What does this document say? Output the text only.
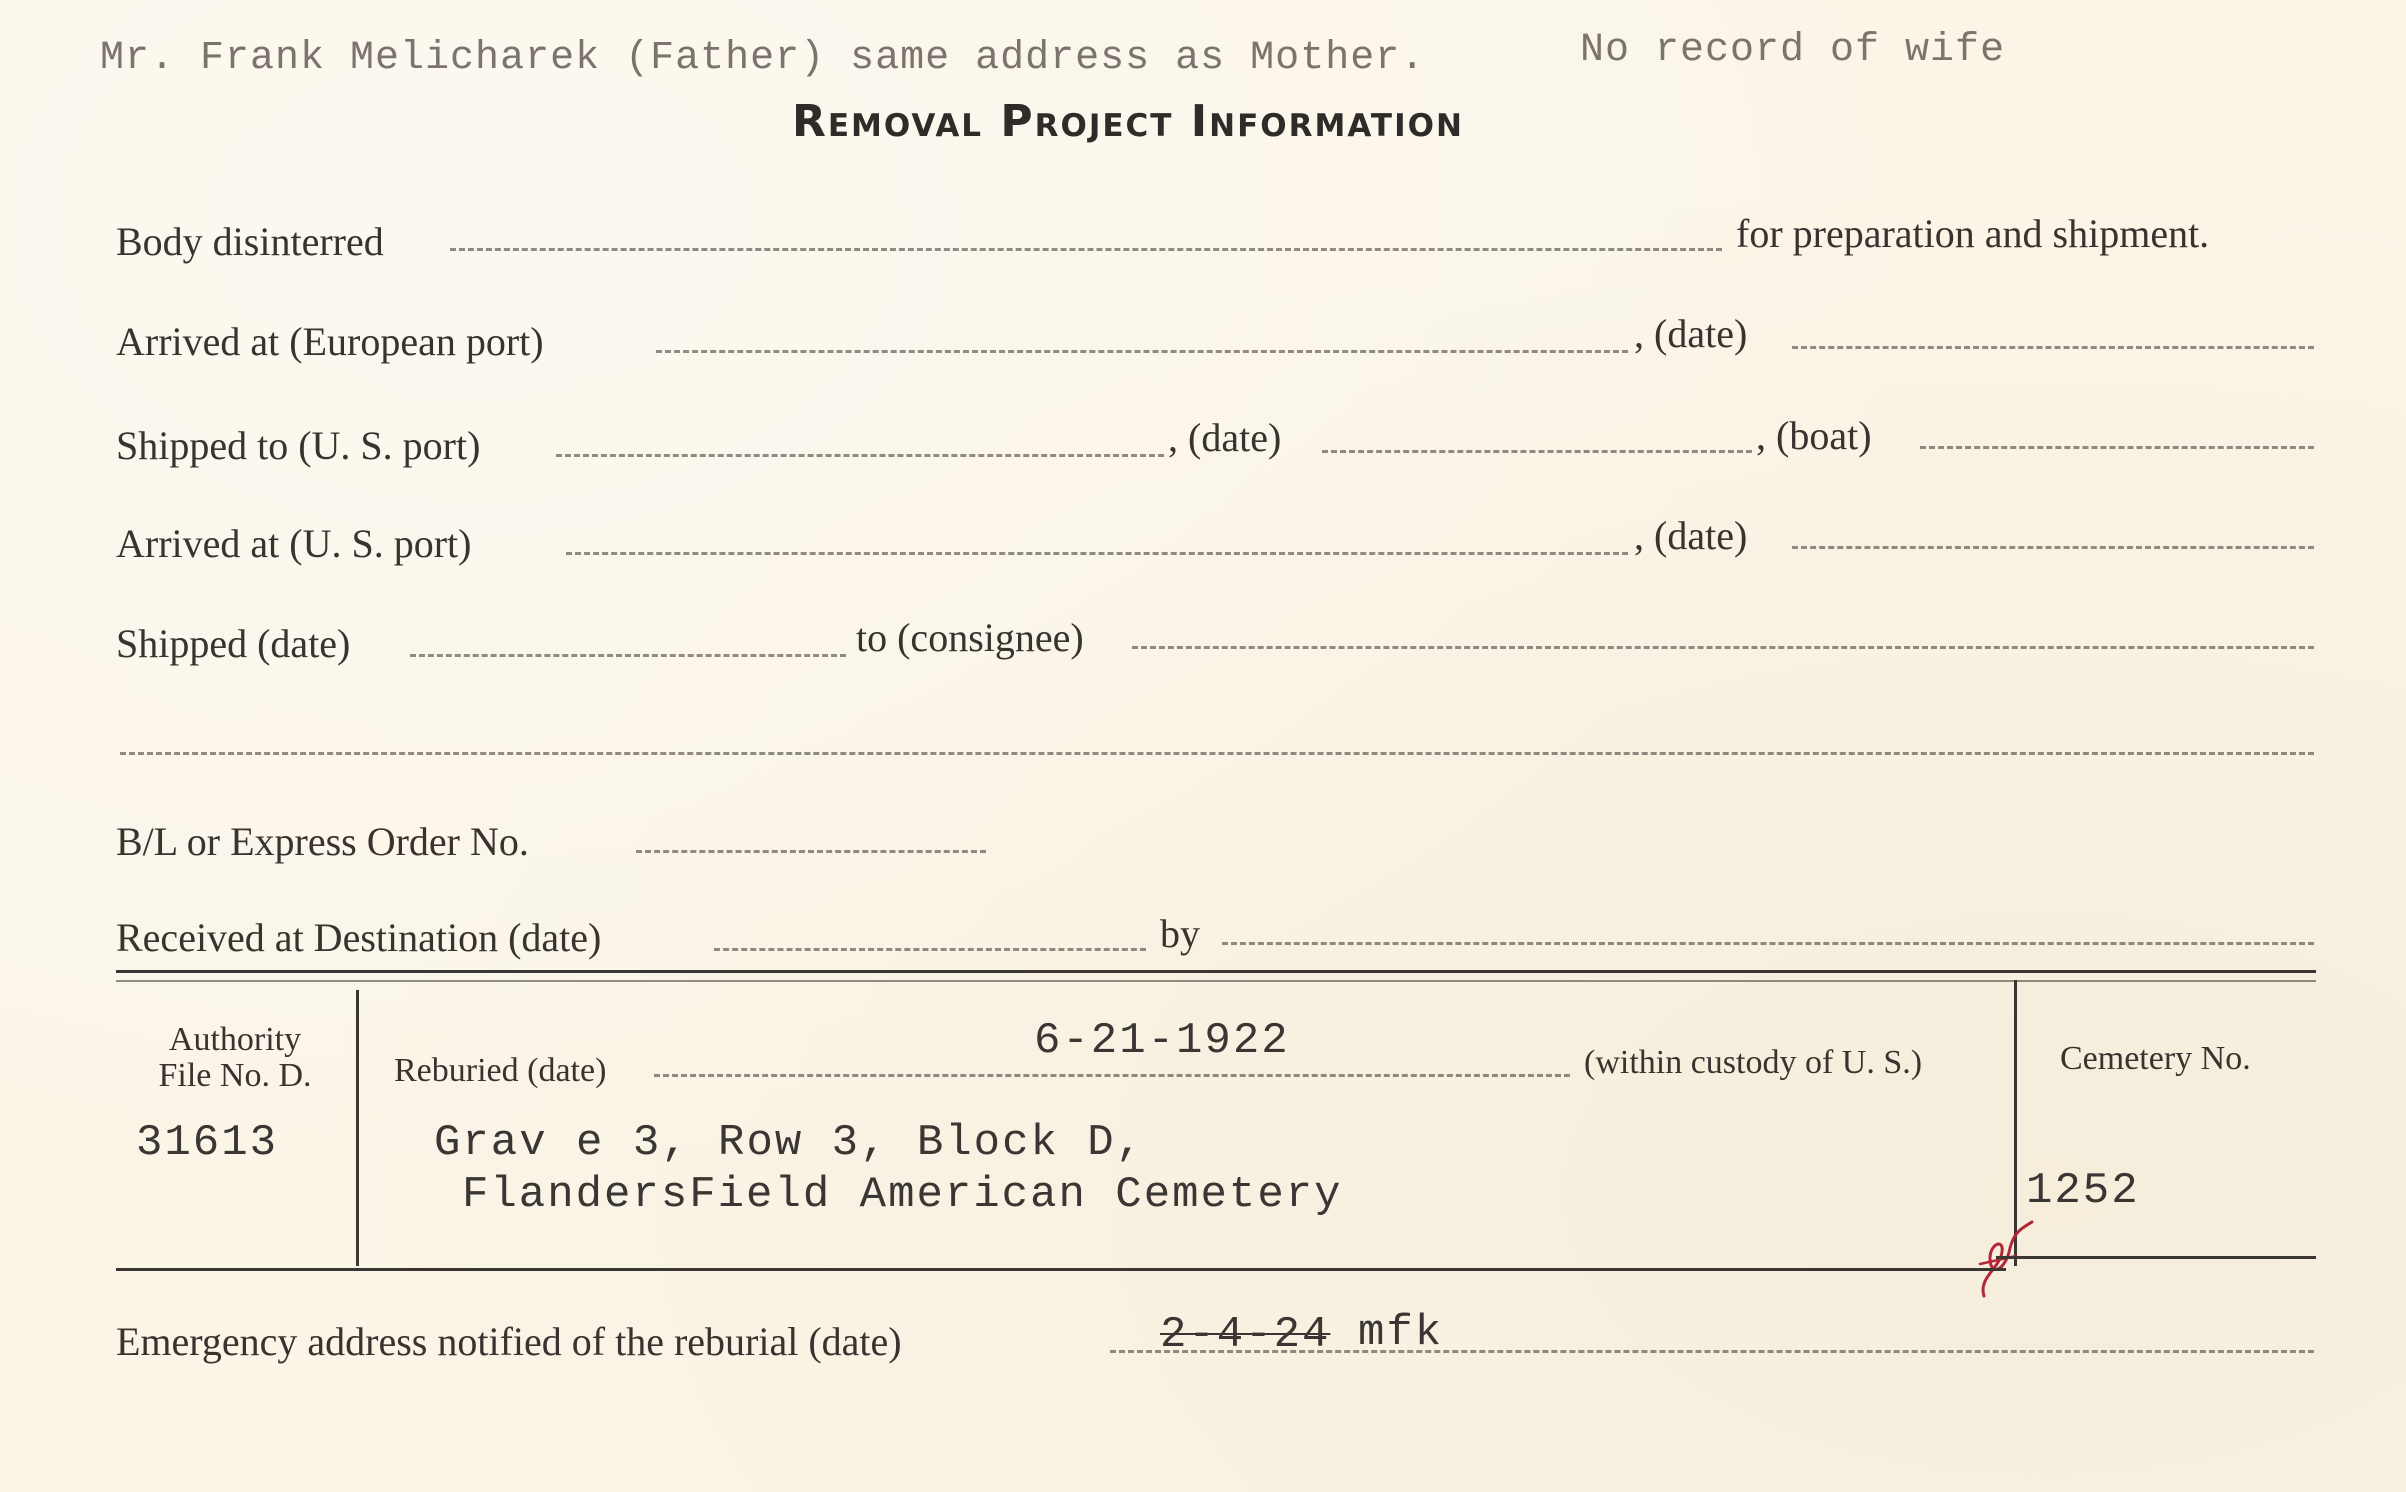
Mr. Frank Melicharek (Father) same address as Mother.	No record of wife
Removal Project Information
Body disinterred	for preparation and shipment.
Arrived at (European port)	, (date)
Shipped to (U. S. port)	, (date)	, (boat)
Arrived at (U. S. port)	, (date)
Shipped (date)	to (consignee)
B/L or Express Order No.
Received at Destination (date)	by
Authority
File No. D.
31613
Reburied (date)
6-21-1922	(within custody of U. S.)
Grav e 3, Row 3, Block D,
FlandersField American Cemetery
Cemetery No.
1252
Emergency address notified of the reburial (date)	2-4-24 mfk
